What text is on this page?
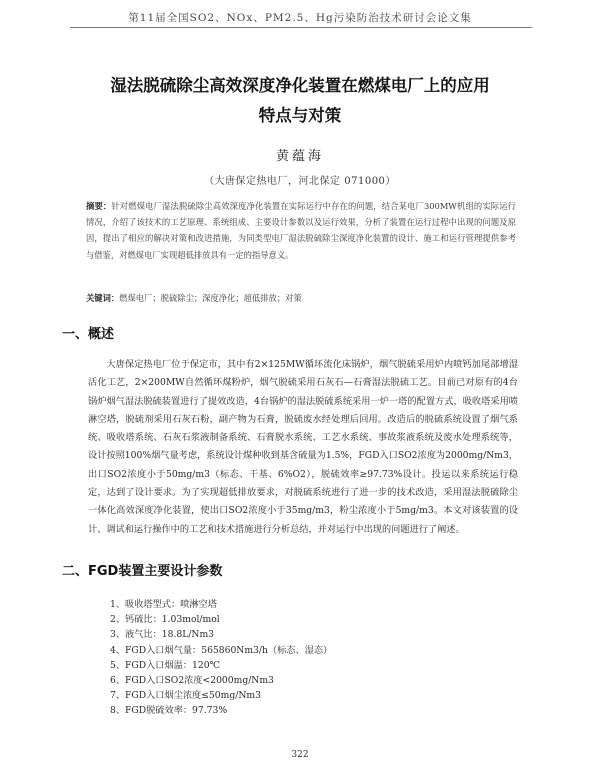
第11届全国SO2、NOx、PM2.5、Hg污染防治技术研讨会论文集
湿法脱硫除尘高效深度净化装置在燃煤电厂上的应用
特点与对策
黄蕴海
（大唐保定热电厂，河北保定 071000）
摘要：针对燃煤电厂湿法脱硫除尘高效深度净化装置在实际运行中存在的问题，结合某电厂300MW机组的实际运行情况，介绍了该技术的工艺原理、系统组成、主要设计参数以及运行效果，分析了装置在运行过程中出现的问题及原因，提出了相应的解决对策和改进措施，为同类型电厂湿法脱硫除尘深度净化装置的设计、施工和运行管理提供参考与借鉴，对燃煤电厂实现超低排放具有一定的指导意义。
关键词：燃煤电厂；脱硫除尘；深度净化；超低排放；对策
一、概述
大唐保定热电厂位于保定市，其中有2×125MW循环流化床锅炉，烟气脱硫采用炉内喷钙加尾部增湿活化工艺，2×200MW自然循环煤粉炉，烟气脱硫采用石灰石—石膏湿法脱硫工艺。目前已对原有的4台锅炉烟气湿法脱硫装置进行了提效改造，4台锅炉的湿法脱硫系统采用一炉一塔的配置方式，吸收塔采用喷淋空塔，脱硫剂采用石灰石粉，副产物为石膏，脱硫废水经处理后回用。改造后的脱硫系统设置了烟气系统、吸收塔系统、石灰石浆液制备系统、石膏脱水系统、工艺水系统、事故浆液系统及废水处理系统等，设计按照100%烟气量考虑，系统设计煤种收到基含硫量为1.5%，FGD入口SO2浓度为2000mg/Nm3，出口SO2浓度小于50mg/m3（标态、干基、6%O2），脱硫效率≥97.73%设计。投运以来系统运行稳定，达到了设计要求。为了实现超低排放要求，对脱硫系统进行了进一步的技术改造，采用湿法脱硫除尘一体化高效深度净化装置，使出口SO2浓度小于35mg/m3，粉尘浓度小于5mg/m3。本文对该装置的设计、调试和运行操作中的工艺和技术措施进行分析总结，并对运行中出现的问题进行了阐述。
二、FGD装置主要设计参数
1、吸收塔型式：喷淋空塔
2、钙硫比：1.03mol/mol
3、液气比：18.8L/Nm3
4、FGD入口烟气量：565860Nm3/h（标态、湿态）
5、FGD入口烟温：120℃
6、FGD入口SO2浓度<2000mg/Nm3
7、FGD入口烟尘浓度≤50mg/Nm3
8、FGD脱硫效率：97.73%
322
